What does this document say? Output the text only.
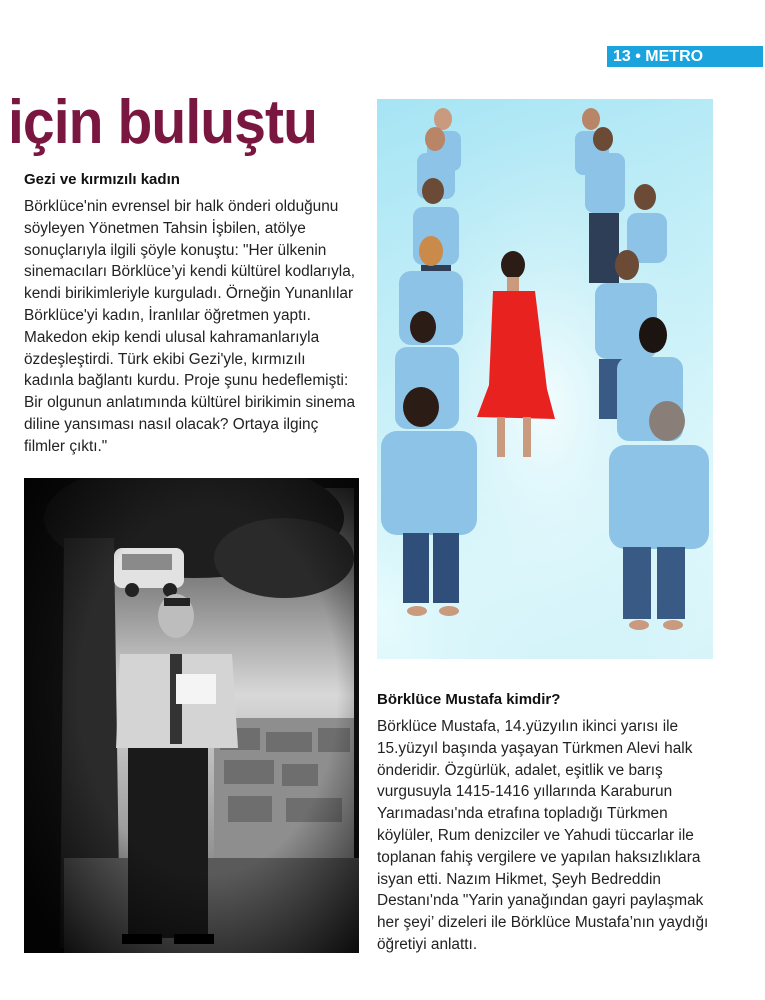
13 • METRO
için buluştu
Gezi ve kırmızılı kadın

Börklüce'nin evrensel bir halk önderi olduğunu söyleyen Yönetmen Tahsin İşbilen, atölye sonuçlarıyla ilgili şöyle konuştu: "Her ülkenin sinemacıları Börklüce’yi kendi kültürel kodlarıyla, kendi birikimleriyle kurguladı. Örneğin Yunanlılar Börklüce'yi kadın, İranlılar öğretmen yaptı. Makedon ekip kendi ulusal kahramanlarıyla özdeşleştirdi. Türk ekibi Gezi'yle, kırmızılı kadınla bağlantı kurdu. Proje şunu hedeflemişti: Bir olgunun anlatımında kültürel birikimin sinema diline yansıması nasıl olacak? Ortaya ilginç filmler çıktı."

Börklüce Mustafa kimdir?

Börklüce Mustafa, 14.yüzyılın ikinci yarısı ile 15.yüzyıl başında yaşayan Türkmen Alevi halk önderidir. Özgürlük, adalet, eşitlik ve barış vurgusuyla 1415-1416 yıllarında Karaburun Yarımadası'nda etrafına topladığı Türkmen köylüler, Rum denizciler ve Yahudi tüccarlar ile toplanan fahiş vergilere ve yapılan haksızlıklara isyan etti. Nazım Hikmet, Şeyh Bedreddin Destanı'nda "Yarin yanağından gayri paylaşmak her şeyi’ dizeleri ile Börklüce Mustafa’nın yaydığı öğretiyi anlattı.
